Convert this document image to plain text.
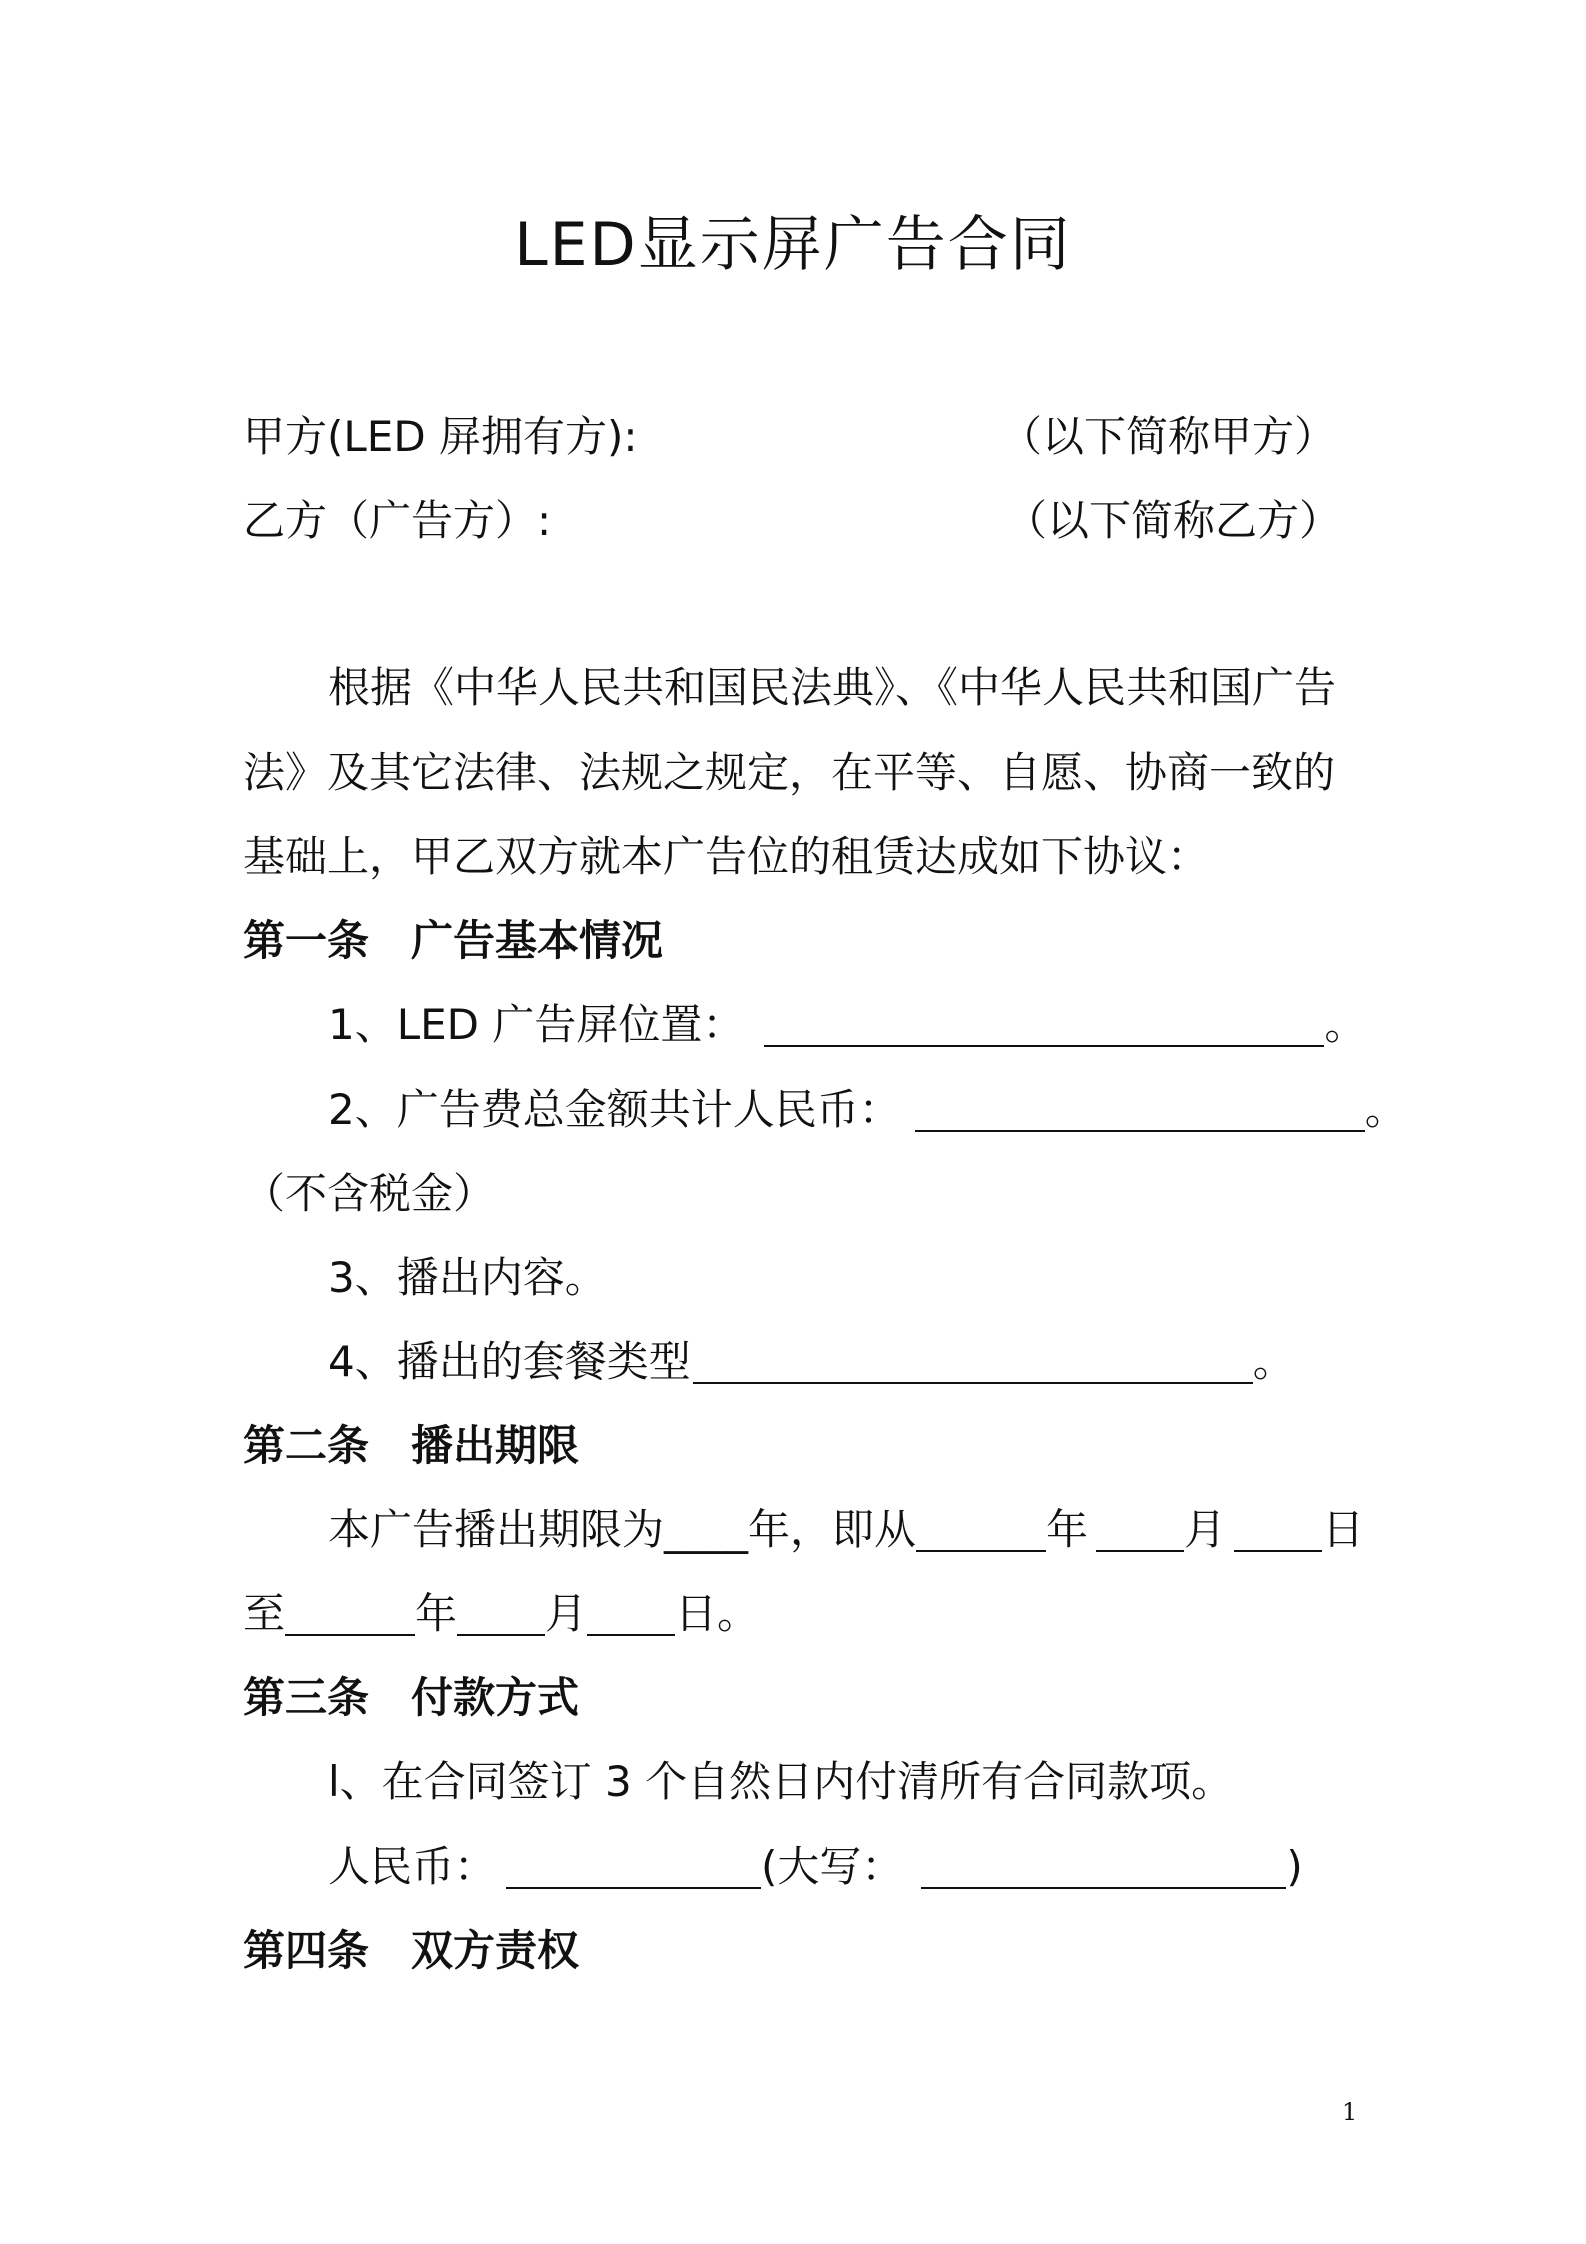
LED显示屏广告合同
甲方(LED 屏拥有方):	（以下简称甲方）
乙方（广告方）:	（以下简称乙方）
根据《中华人民共和国民法典》、《中华人民共和国广告
法》及其它法律、法规之规定，在平等、自愿、协商一致的
基础上，甲乙双方就本广告位的租赁达成如下协议：
第一条　广告基本情况
1、LED 广告屏位置：	。
2、广告费总金额共计人民币：	。
（不含税金）
3、播出内容。
4、播出的套餐类型	。
第二条　播出期限
本广告播出期限为____年，即从	年 月 日
至	年 月 日。
第三条　付款方式
l、在合同签订 3 个自然日内付清所有合同款项。
人民币：	(大写：	)
第四条　双方责权
1
